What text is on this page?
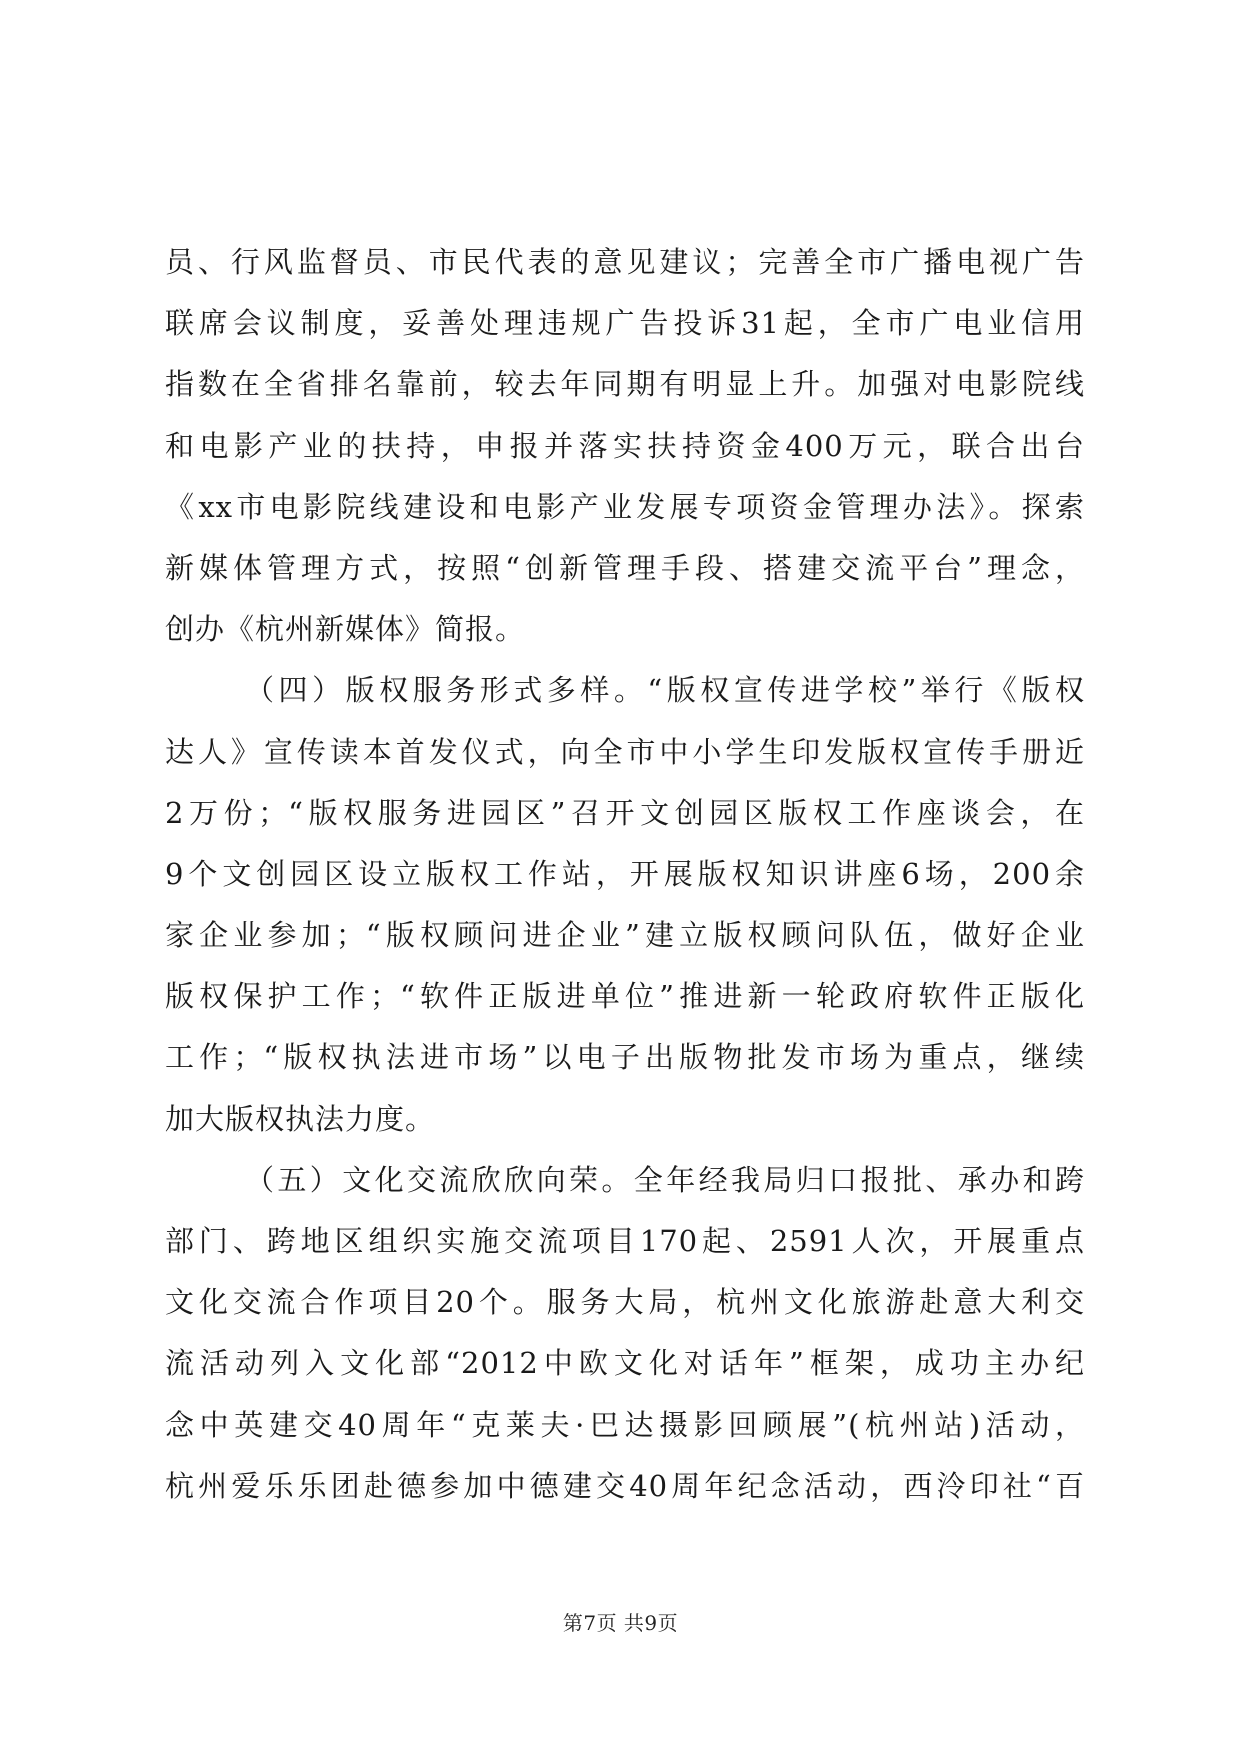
员、行风监督员、市民代表的意见建议；完善全市广播电视广告
联席会议制度，妥善处理违规广告投诉31起，全市广电业信用
指数在全省排名靠前，较去年同期有明显上升。加强对电影院线
和电影产业的扶持，申报并落实扶持资金400万元，联合出台
《xx市电影院线建设和电影产业发展专项资金管理办法》。探索
新媒体管理方式，按照“创新管理手段、搭建交流平台”理念，
创办《杭州新媒体》简报。
（四）版权服务形式多样。“版权宣传进学校”举行《版权
达人》宣传读本首发仪式，向全市中小学生印发版权宣传手册近
2万份；“版权服务进园区”召开文创园区版权工作座谈会，在
9个文创园区设立版权工作站，开展版权知识讲座6场，200余
家企业参加；“版权顾问进企业”建立版权顾问队伍，做好企业
版权保护工作；“软件正版进单位”推进新一轮政府软件正版化
工作；“版权执法进市场”以电子出版物批发市场为重点，继续
加大版权执法力度。
（五）文化交流欣欣向荣。全年经我局归口报批、承办和跨
部门、跨地区组织实施交流项目170起、2591人次，开展重点
文化交流合作项目20个。服务大局，杭州文化旅游赴意大利交
流活动列入文化部“2012中欧文化对话年”框架，成功主办纪
念中英建交40周年“克莱夫·巴达摄影回顾展”(杭州站)活动，
杭州爱乐乐团赴德参加中德建交40周年纪念活动，西泠印社“百
第7页 共9页
